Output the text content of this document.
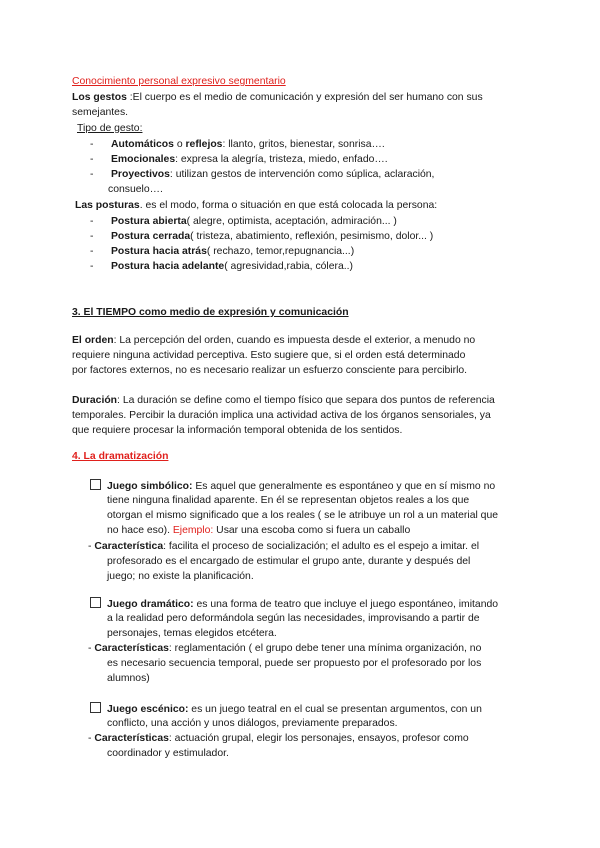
Conocimiento personal expresivo segmentario
Los gestos :El cuerpo es el medio de comunicación y expresión del ser humano con sus
semejantes.
Tipo de gesto:
- Automáticos o reflejos: llanto, gritos, bienestar, sonrisa….
- Emocionales: expresa la alegría, tristeza, miedo, enfado….
- Proyectivos: utilizan gestos de intervención como súplica, aclaración,
consuelo….
Las posturas. es el modo, forma o situación en que está colocada la persona:
- Postura abierta( alegre, optimista, aceptación, admiración... )
- Postura cerrada( tristeza, abatimiento, reflexión, pesimismo, dolor... )
- Postura hacia atrás( rechazo, temor,repugnancia...)
- Postura hacia adelante( agresividad,rabia, cólera..)
3. El TIEMPO como medio de expresión y comunicación
El orden: La percepción del orden, cuando es impuesta desde el exterior, a menudo no
requiere ninguna actividad perceptiva. Esto sugiere que, si el orden está determinado
por factores externos, no es necesario realizar un esfuerzo consciente para percibirlo.
Duración: La duración se define como el tiempo físico que separa dos puntos de referencia
temporales. Percibir la duración implica una actividad activa de los órganos sensoriales, ya
que requiere procesar la información temporal obtenida de los sentidos.
4. La dramatización
Juego simbólico: Es aquel que generalmente es espontáneo y que en sí mismo no
tiene ninguna finalidad aparente. En él se representan objetos reales a los que
otorgan el mismo significado que a los reales ( se le atribuye un rol a un material que
no hace eso). Ejemplo: Usar una escoba como si fuera un caballo
- Característica: facilita el proceso de socialización; el adulto es el espejo a imitar. el
profesorado es el encargado de estimular el grupo ante, durante y después del
juego; no existe la planificación.
Juego dramático: es una forma de teatro que incluye el juego espontáneo, imitando
a la realidad pero deformándola según las necesidades, improvisando a partir de
personajes, temas elegidos etcétera.
- Características: reglamentación ( el grupo debe tener una mínima organización, no
es necesario secuencia temporal, puede ser propuesto por el profesorado por los
alumnos)
Juego escénico: es un juego teatral en el cual se presentan argumentos, con un
conflicto, una acción y unos diálogos, previamente preparados.
- Características: actuación grupal, elegir los personajes, ensayos, profesor como
coordinador y estimulador.
